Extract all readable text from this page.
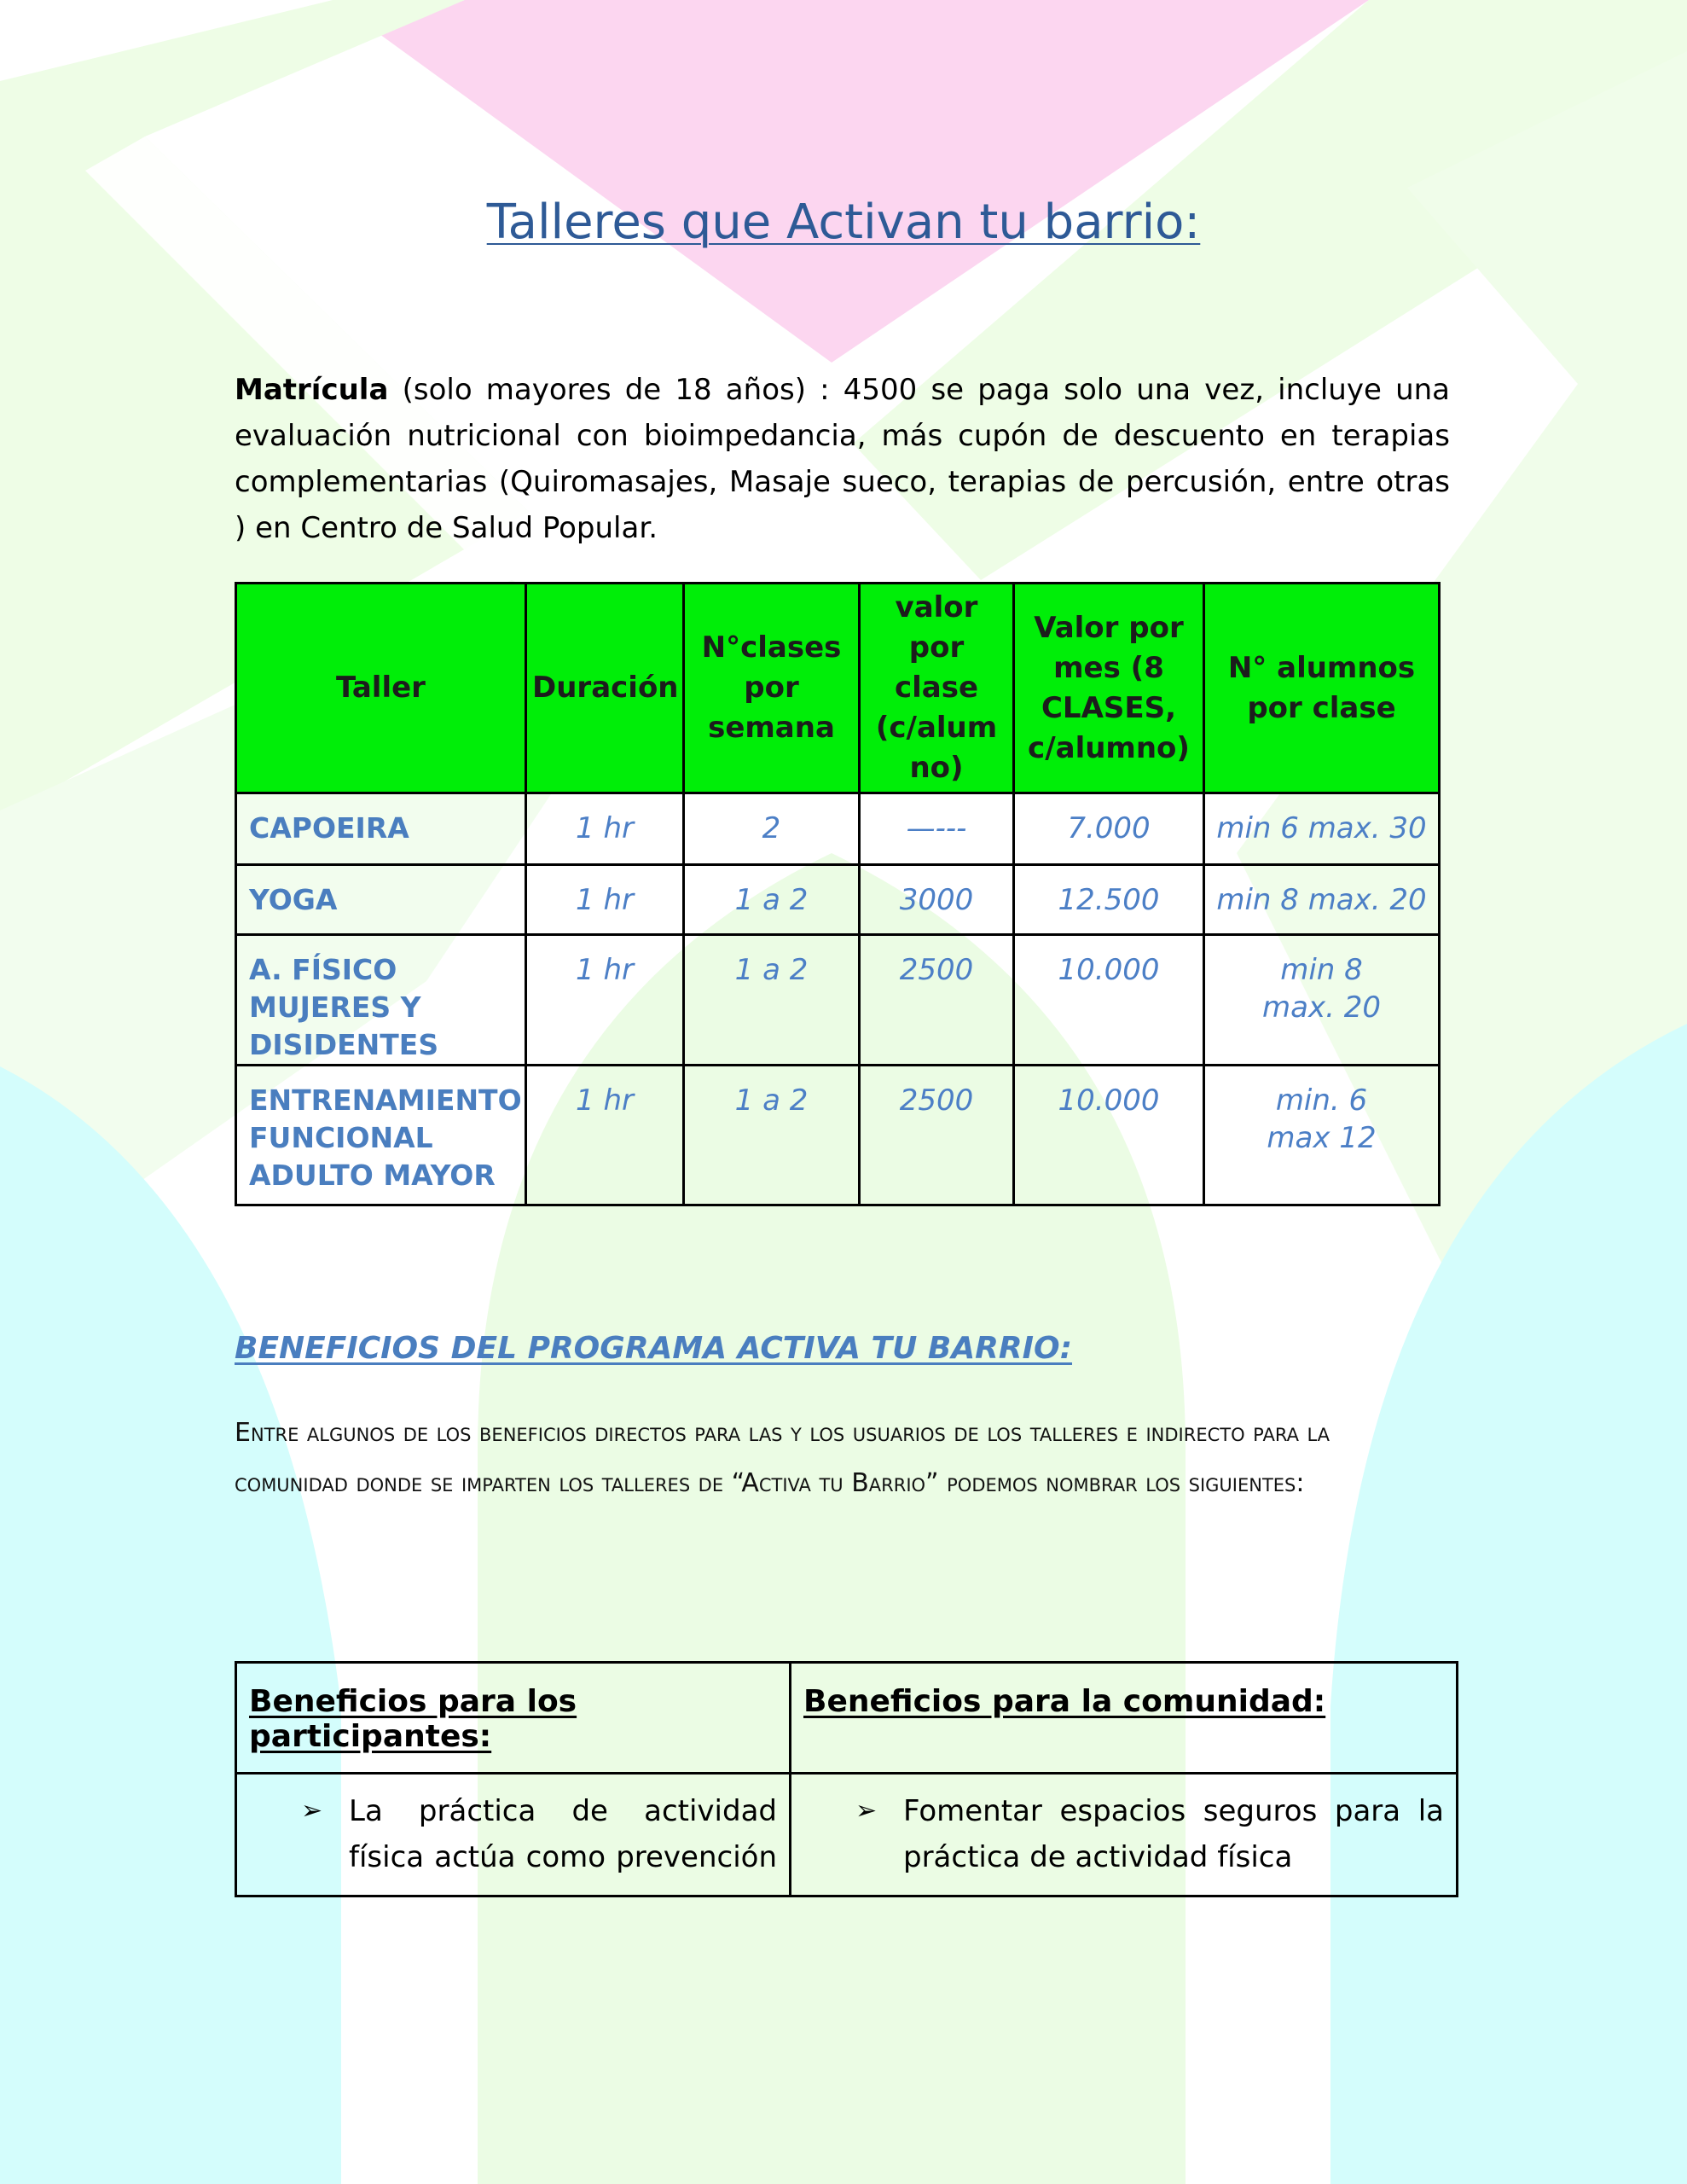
Talleres que Activan tu barrio:
Matrícula (solo mayores de 18 años) : 4500 se paga solo una vez, incluye una evaluación nutricional con bioimpedancia, más cupón de descuento en terapias complementarias (Quiromasajes, Masaje sueco, terapias de percusión, entre otras ) en Centro de Salud Popular.
Taller	Duración	N°clases por semana	valor por clase (c/alum no)	Valor por mes (8 CLASES, c/alumno)	N° alumnos por clase
CAPOEIRA	1 hr	2	—---	7.000	min 6 max. 30
YOGA	1 hr	1 a 2	3000	12.500	min 8 max. 20
A. FÍSICO MUJERES Y DISIDENTES	1 hr	1 a 2	2500	10.000	min 8
max. 20
ENTRENAMIENTO FUNCIONAL ADULTO MAYOR	1 hr	1 a 2	2500	10.000	min. 6
max 12
BENEFICIOS DEL PROGRAMA ACTIVA TU BARRIO:
Entre algunos de los beneficios directos para las y los usuarios de los talleres e indirecto para la comunidad donde se imparten los talleres de “Activa tu Barrio” podemos nombrar los siguientes:
Beneficios para los participantes:	Beneficios para la comunidad:

➢ La práctica de actividad física actúa como prevención	➢ Fomentar espacios seguros para la práctica de actividad física
